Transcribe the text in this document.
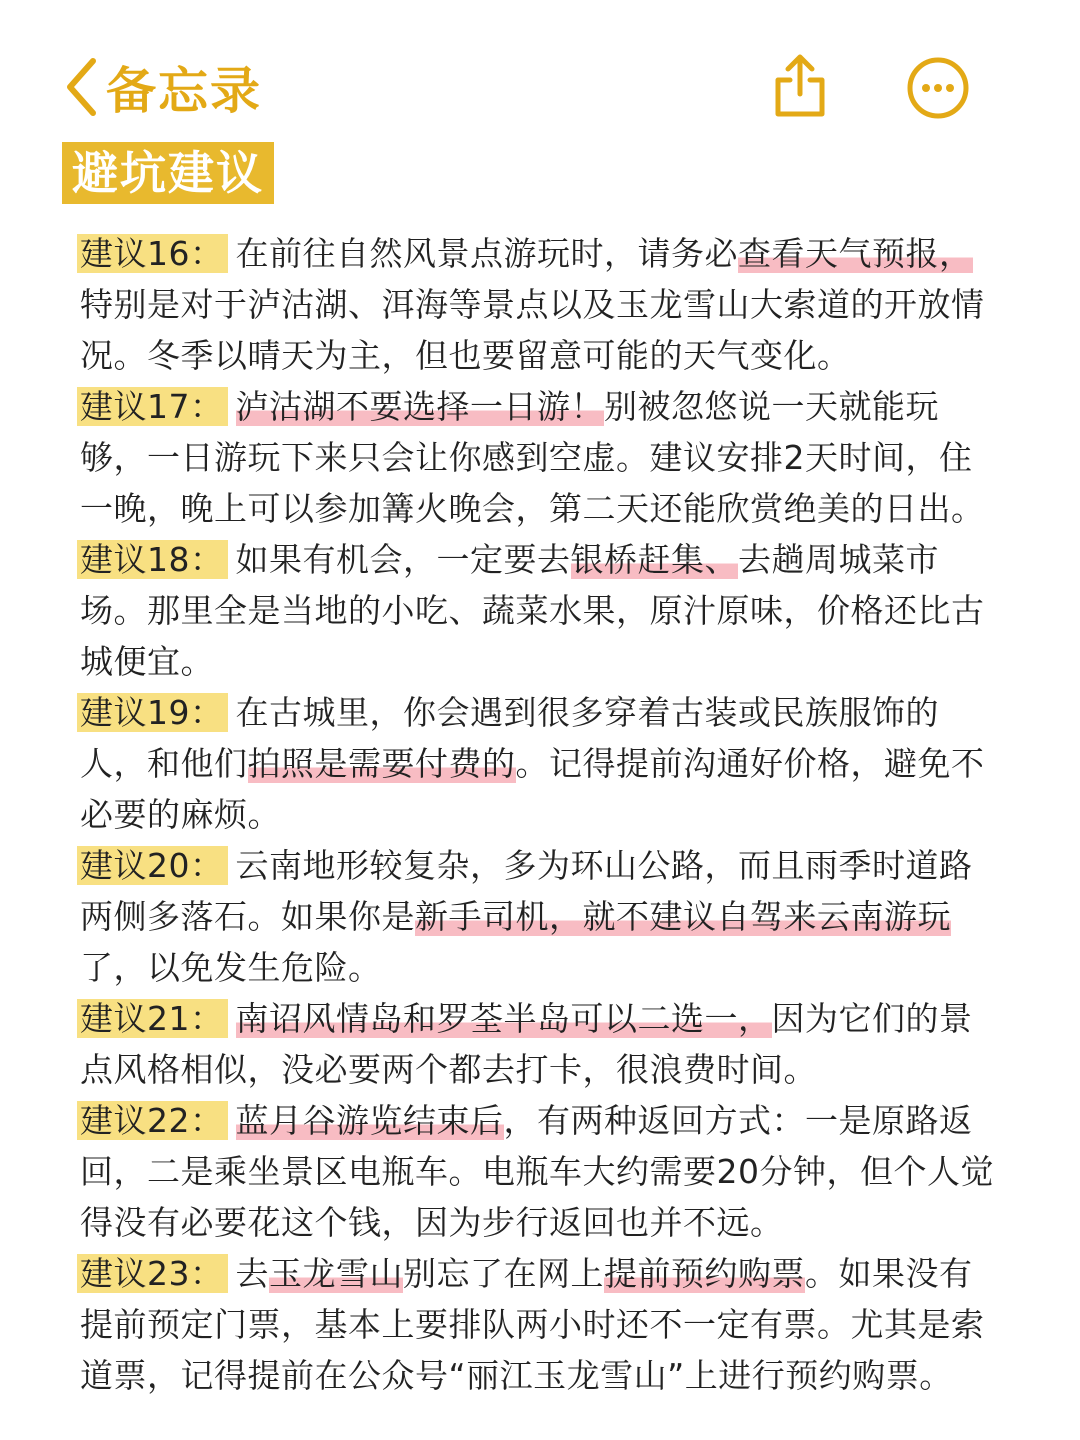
备忘录
避坑建议

建议16： 在前往自然风景点游玩时，请务必查看天气预报，特别是对于泸沽湖、洱海等景点以及玉龙雪山大索道的开放情况。冬季以晴天为主，但也要留意可能的天气变化。

建议17： 泸沽湖不要选择一日游！别被忽悠说一天就能玩够，一日游玩下来只会让你感到空虚。建议安排2天时间，住一晚，晚上可以参加篝火晚会，第二天还能欣赏绝美的日出。

建议18： 如果有机会，一定要去银桥赶集、去趟周城菜市场。那里全是当地的小吃、蔬菜水果，原汁原味，价格还比古城便宜。

建议19： 在古城里，你会遇到很多穿着古装或民族服饰的人，和他们拍照是需要付费的。记得提前沟通好价格，避免不必要的麻烦。

建议20： 云南地形较复杂，多为环山公路，而且雨季时道路两侧多落石。如果你是新手司机，就不建议自驾来云南游玩了，以免发生危险。

建议21： 南诏风情岛和罗荃半岛可以二选一，因为它们的景点风格相似，没必要两个都去打卡，很浪费时间。

建议22： 蓝月谷游览结束后，有两种返回方式：一是原路返回，二是乘坐景区电瓶车。电瓶车大约需要20分钟，但个人觉得没有必要花这个钱，因为步行返回也并不远。

建议23： 去玉龙雪山别忘了在网上提前预约购票。如果没有提前预定门票，基本上要排队两小时还不一定有票。尤其是索道票，记得提前在公众号“丽江玉龙雪山”上进行预约购票。
